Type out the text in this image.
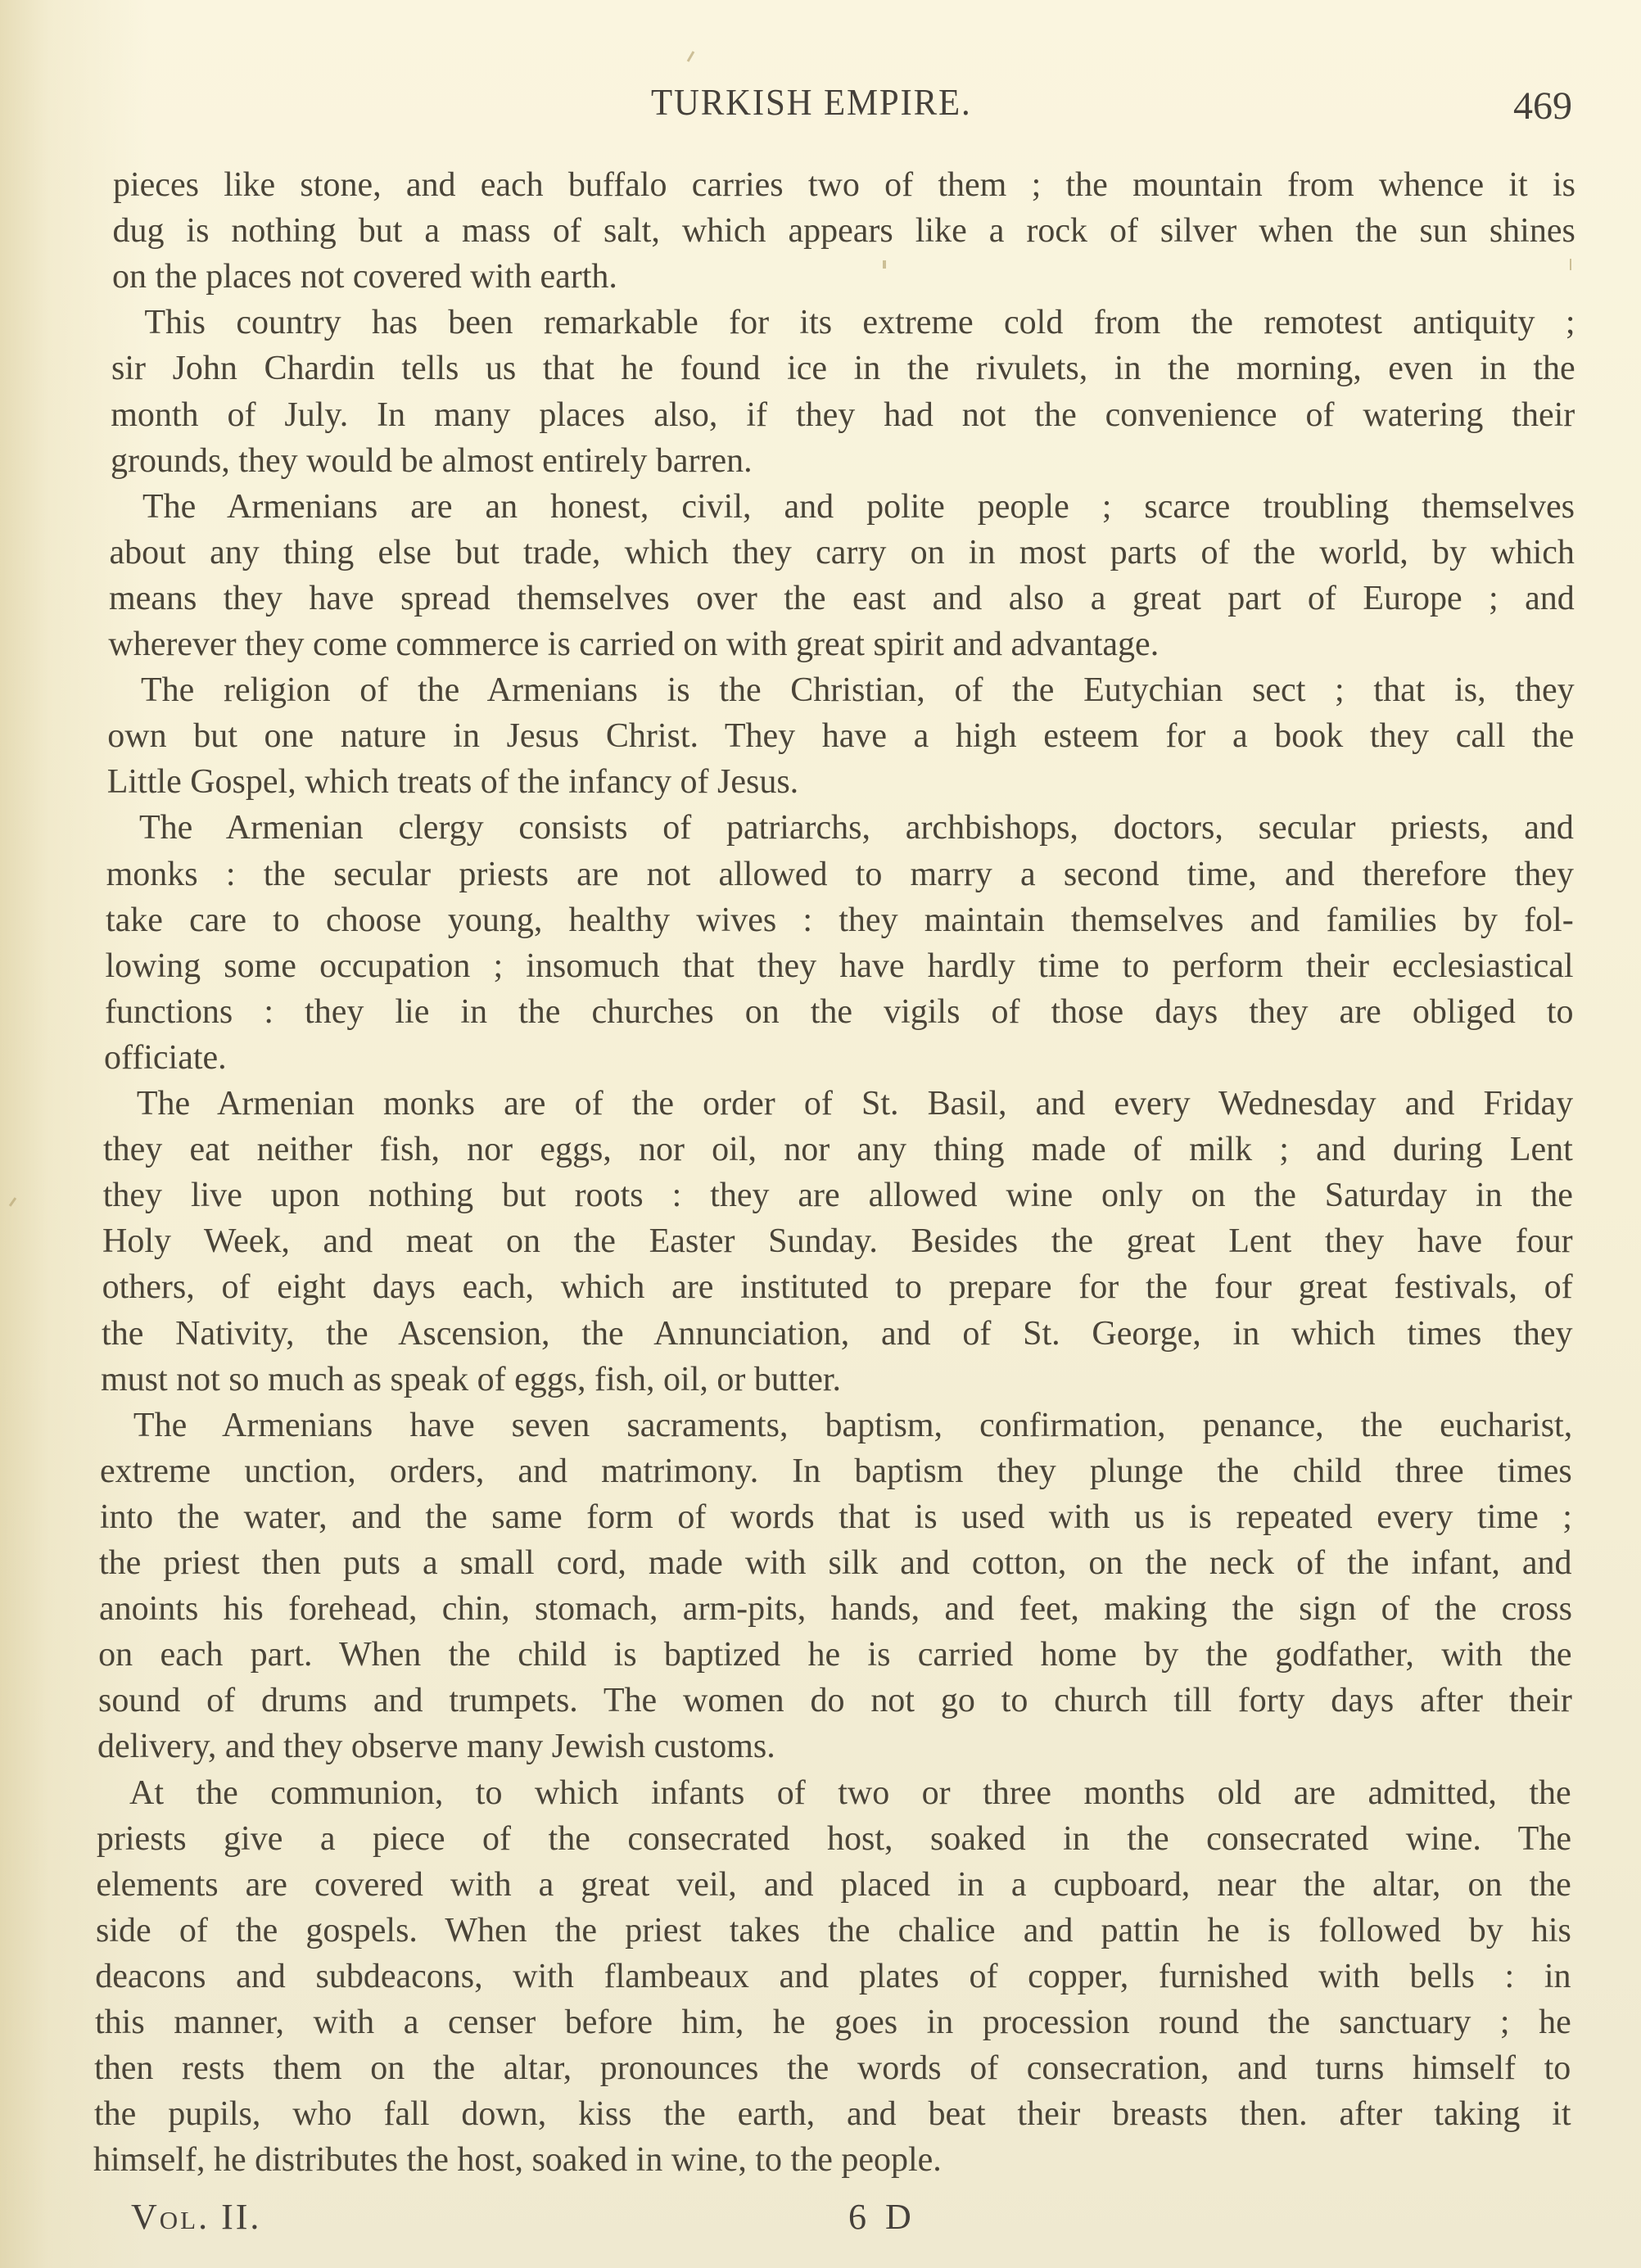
TURKISH EMPIRE.	469
pieces like stone, and each buffalo carries two of them ; the mountain from whence it is
dug is nothing but a mass of salt, which appears like a rock of silver when the sun shines
on the places not covered with earth.
This country has been remarkable for its extreme cold from the remotest antiquity ;
sir John Chardin tells us that he found ice in the rivulets, in the morning, even in the
month of July. In many places also, if they had not the convenience of watering their
grounds, they would be almost entirely barren.
The Armenians are an honest, civil, and polite people ; scarce troubling themselves
about any thing else but trade, which they carry on in most parts of the world, by which
means they have spread themselves over the east and also a great part of Europe ; and
wherever they come commerce is carried on with great spirit and advantage.
The religion of the Armenians is the Christian, of the Eutychian sect ; that is, they
own but one nature in Jesus Christ. They have a high esteem for a book they call the
Little Gospel, which treats of the infancy of Jesus.
The Armenian clergy consists of patriarchs, archbishops, doctors, secular priests, and
monks : the secular priests are not allowed to marry a second time, and therefore they
take care to choose young, healthy wives : they maintain themselves and families by fol-
lowing some occupation ; insomuch that they have hardly time to perform their ecclesiastical
functions : they lie in the churches on the vigils of those days they are obliged to
officiate.
The Armenian monks are of the order of St. Basil, and every Wednesday and Friday
they eat neither fish, nor eggs, nor oil, nor any thing made of milk ; and during Lent
they live upon nothing but roots : they are allowed wine only on the Saturday in the
Holy Week, and meat on the Easter Sunday. Besides the great Lent they have four
others, of eight days each, which are instituted to prepare for the four great festivals, of
the Nativity, the Ascension, the Annunciation, and of St. George, in which times they
must not so much as speak of eggs, fish, oil, or butter.
The Armenians have seven sacraments, baptism, confirmation, penance, the eucharist,
extreme unction, orders, and matrimony. In baptism they plunge the child three times
into the water, and the same form of words that is used with us is repeated every time ;
the priest then puts a small cord, made with silk and cotton, on the neck of the infant, and
anoints his forehead, chin, stomach, arm-pits, hands, and feet, making the sign of the cross
on each part. When the child is baptized he is carried home by the godfather, with the
sound of drums and trumpets. The women do not go to church till forty days after their
delivery, and they observe many Jewish customs.
At the communion, to which infants of two or three months old are admitted, the
priests give a piece of the consecrated host, soaked in the consecrated wine. The
elements are covered with a great veil, and placed in a cupboard, near the altar, on the
side of the gospels. When the priest takes the chalice and pattin he is followed by his
deacons and subdeacons, with flambeaux and plates of copper, furnished with bells : in
this manner, with a censer before him, he goes in procession round the sanctuary ; he
then rests them on the altar, pronounces the words of consecration, and turns himself to
the pupils, who fall down, kiss the earth, and beat their breasts then. after taking it
himself, he distributes the host, soaked in wine, to the people.
Vol. II.	6 D
